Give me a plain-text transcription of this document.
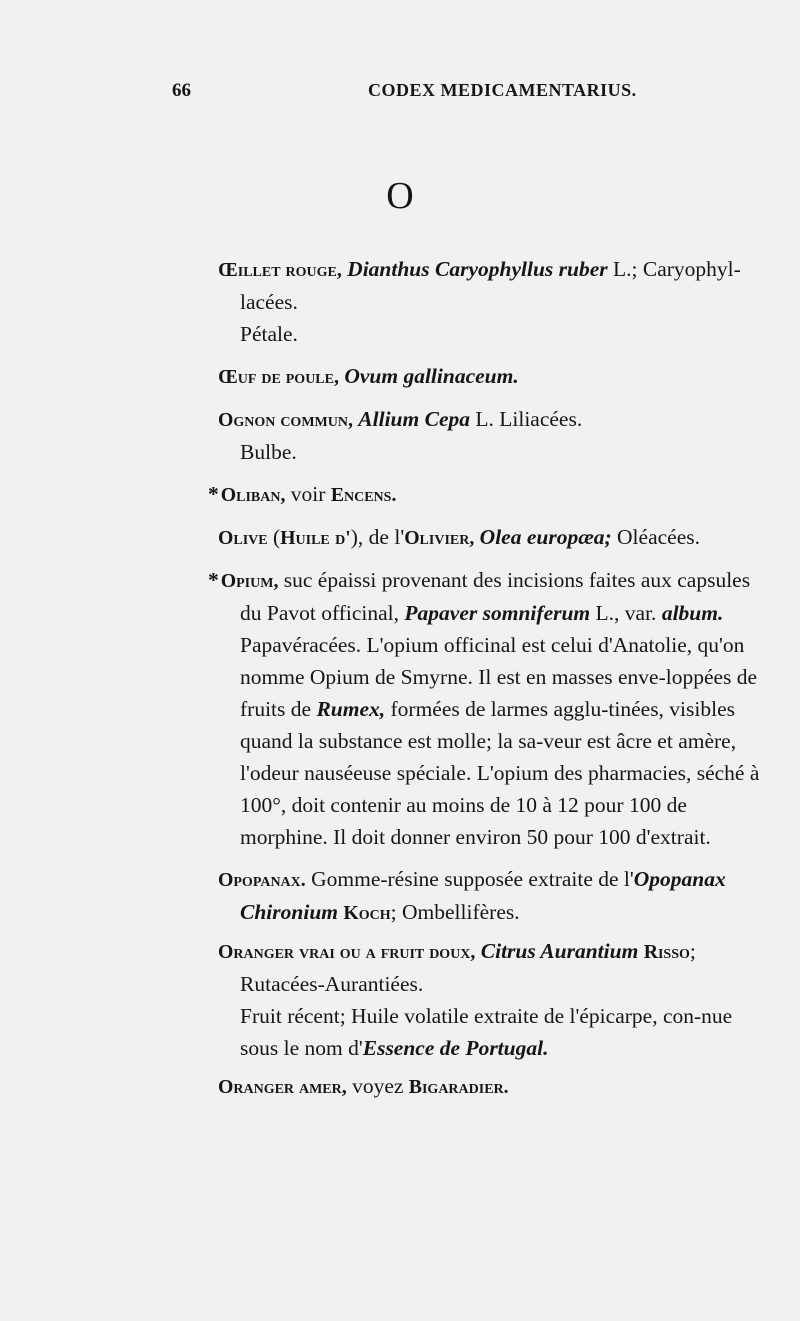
66	CODEX MEDICAMENTARIUS.
O
Œillet rouge, Dianthus Caryophyllus ruber L.; Caryophyl-lacées.
Pétale.
Œuf de poule, Ovum gallinaceum.
Ognon commun, Allium Cepa L. Liliacées.
Bulbe.
* Oliban, voir Encens.
Olive (Huile d'), de l'Olivier, Olea europæa; Oléacées.
* Opium, suc épaissi provenant des incisions faites aux capsules du Pavot officinal, Papaver somniferum L., var. album. Papavéracées. L'opium officinal est celui d'Anatolie, qu'on nomme Opium de Smyrne. Il est en masses enve-loppées de fruits de Rumex, formées de larmes agglu-tinées, visibles quand la substance est molle; la sa-veur est âcre et amère, l'odeur nauséeuse spéciale. L'opium des pharmacies, séché à 100°, doit contenir au moins de 10 à 12 pour 100 de morphine. Il doit donner environ 50 pour 100 d'extrait.
Opopanax. Gomme-résine supposée extraite de l'Opopanax Chironium Koch; Ombellifères.
Oranger vrai ou a fruit doux, Citrus Aurantium Risso; Rutacées-Aurantiées.
Fruit récent; Huile volatile extraite de l'épicarpe, con-nue sous le nom d'Essence de Portugal.
Oranger amer, voyez Bigaradier.
